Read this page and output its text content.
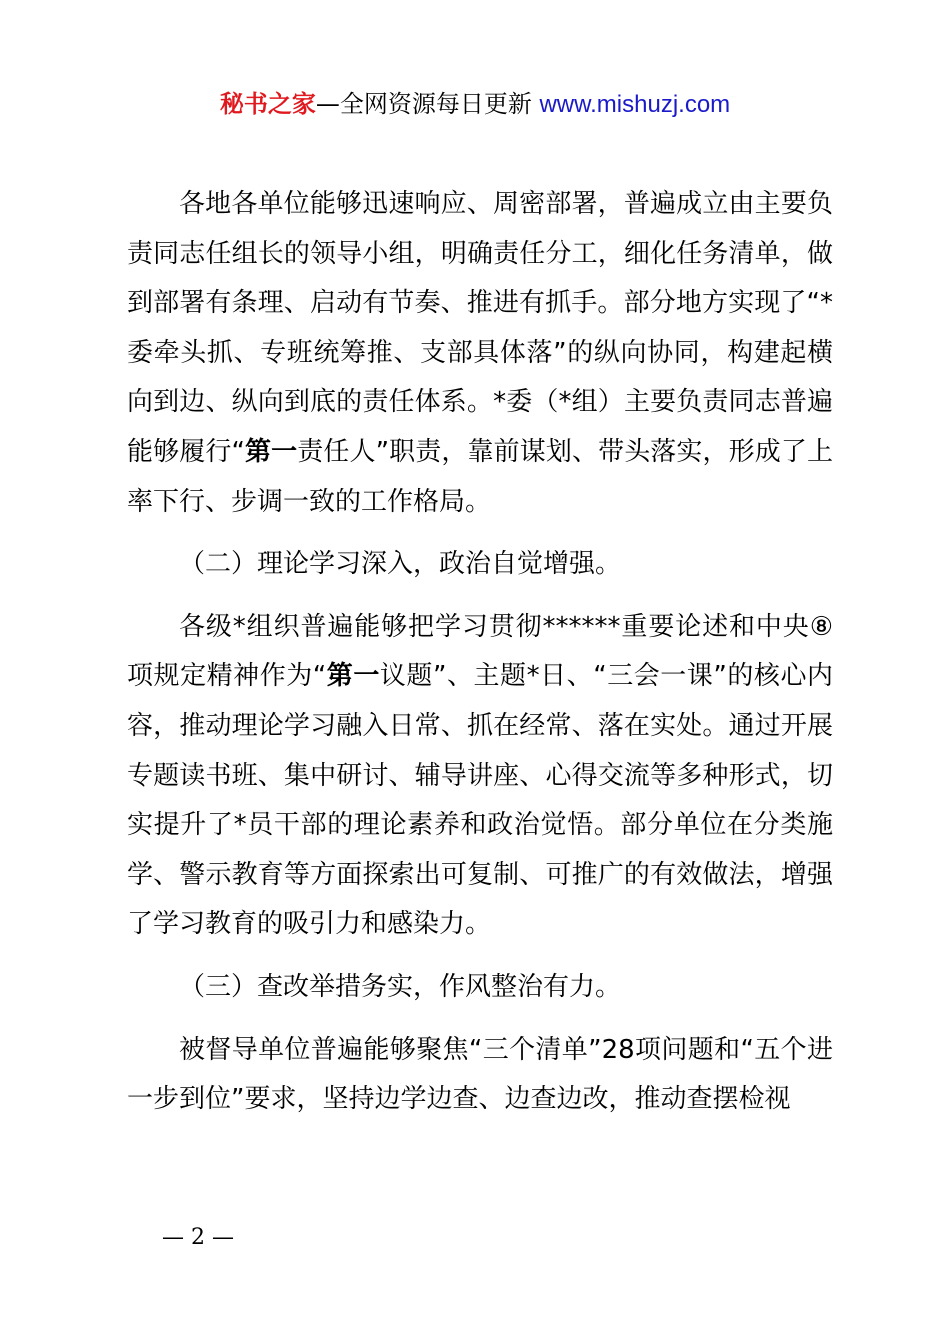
秘书之家—全网资源每日更新 www.mishuzj.com

各地各单位能够迅速响应、周密部署，普遍成立由主要负责同志任组长的领导小组，明确责任分工，细化任务清单，做到部署有条理、启动有节奏、推进有抓手。部分地方实现了“*委牵头抓、专班统筹推、支部具体落”的纵向协同，构建起横向到边、纵向到底的责任体系。*委（*组）主要负责同志普遍能够履行“第一责任人”职责，靠前谋划、带头落实，形成了上率下行、步调一致的工作格局。

（二）理论学习深入，政治自觉增强。

各级*组织普遍能够把学习贯彻******重要论述和中央⑧项规定精神作为“第一议题”、主题*日、“三会一课”的核心内容，推动理论学习融入日常、抓在经常、落在实处。通过开展专题读书班、集中研讨、辅导讲座、心得交流等多种形式，切实提升了*员干部的理论素养和政治觉悟。部分单位在分类施学、警示教育等方面探索出可复制、可推广的有效做法，增强了学习教育的吸引力和感染力。

（三）查改举措务实，作风整治有力。

被督导单位普遍能够聚焦“三个清单”28项问题和“五个进一步到位”要求，坚持边学边查、边查边改，推动查摆检视

— 2 —
